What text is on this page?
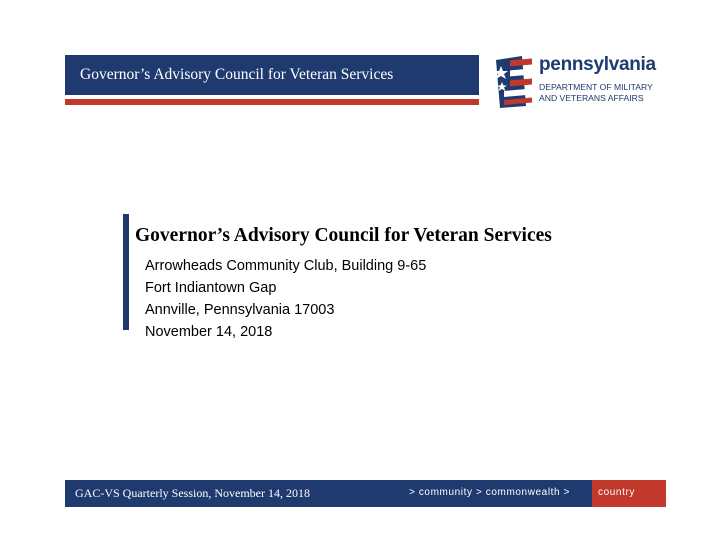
Governor’s Advisory Council for Veteran Services	pennsylvania
DEPARTMENT OF MILITARY
AND VETERANS AFFAIRS
Governor’s Advisory Council for Veteran Services
Arrowheads Community Club, Building 9-65
Fort Indiantown Gap
Annville, Pennsylvania 17003
November 14, 2018
GAC-VS Quarterly Session, November 14, 2018	> community > commonwealth >	country
